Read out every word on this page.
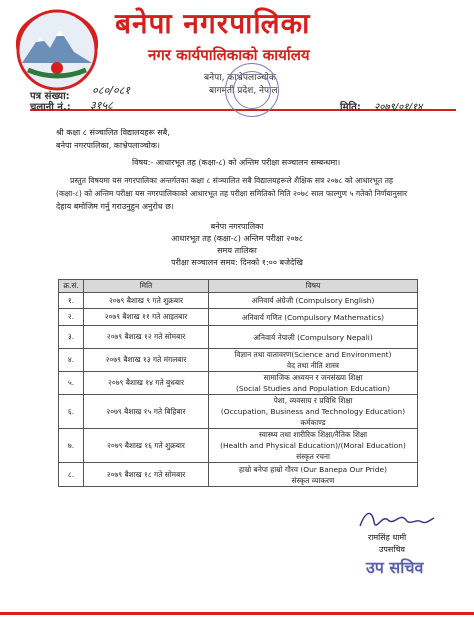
बनेपा नगरपालिका
नगर कार्यपालिकाको कार्यालय
बनेपा, काभ्रेपलाञ्चोक
बागमती प्रदेश, नेपाल
पत्र संख्या: ०८०/०८१
चलानी नं.: ३१५८	मिति: २०७९/०१/१४
श्री कक्षा ८ संञ्चालित विद्यालयहरू सबै,
बनेपा नगरपालिका, काभ्रेपलाञ्चोक।
विषय:- आधारभूत तह (कक्षा-८) को अन्तिम परीक्षा सञ्चालन सम्बन्धमा।
प्रस्तुत विषयमा यस नगरपालिका अन्तर्गतका कक्षा ८ संञ्चालित सबै विद्यालयहरूले शैक्षिक सत्र २०७८ को आधारभूत तह
(कक्षा-८) को अन्तिम परीक्षा यस नगरपालिकाको आधारभूत तह परीक्षा समितिको मिति २०७८ साल फाल्गुण ५ गतेको निर्णयानुसार
देहाय बमोजिम गर्नु गराउनुहुन अनुरोध छ।
बनेपा नगरपालिका
आधारभूत तह (कक्षा-८) अन्तिम परीक्षा २०७८
समय तालिका
परीक्षा सञ्चालन समय: दिनको १:०० बजेदेखि
क्र.सं.	मिति	विषय
१.	२०७९ बैशाख ९ गते शुक्रबार	अनिवार्य अंग्रेजी (Compulsory English)

२.	२०७९ बैशाख ११ गते आइतबार	अनिवार्य गणित (Compulsory Mathematics)

३.	२०७९ बैशाख १२ गते सोमबार	अनिवार्य नेपाली (Compulsory Nepali)

४.	२०७९ बैशाख १३ गते मंगलबार	विज्ञान तथा वातावरण(Science and Environment)
वेद तथा नीति शास्त्र

५.	२०७९ बैशाख १४ गते बुधबार	सामाजिक अध्ययन र जनसंख्या शिक्षा
(Social Studies and Population Education)

६.	२०७९ बैशाख १५ गते बिहिबार	पेशा, व्यवसाय र प्रविधि शिक्षा
(Occupation, Business and Technology Education)
कर्मकाण्ड

७.	२०७९ बैशाख १६ गते शुक्रबार	स्वास्थ्य तथा शारीरिक शिक्षा/नैतिक शिक्षा
(Health and Physical Education)/(Moral Education)
संस्कृत रचना

८.	२०७९ बैशाख १८ गते सोमबार	हाम्रो बनेपा हाम्रो गौरव (Our Banepa Our Pride)
संस्कृत व्याकरण
रामसिंह धामी
उपसचिव
उप सचिव
